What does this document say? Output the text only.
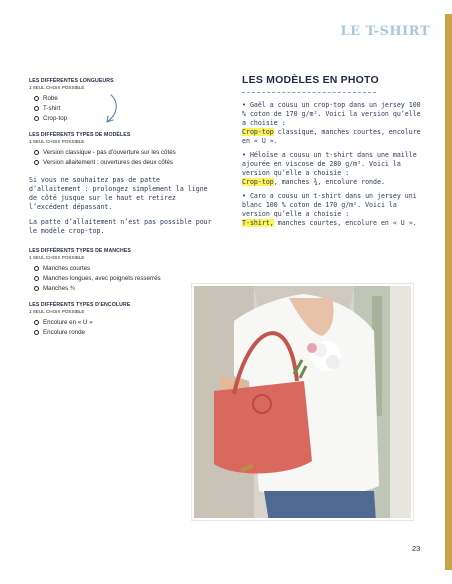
LE T-SHIRT
LES DIFFÉRENTES LONGUEURS
1 SEUL CHOIX POSSIBLE
Robe
T-shirt
Crop-top
LES DIFFÉRENTS TYPES DE MODÈLES
1 SEUL CHOIX POSSIBLE
Version classique - pas d’ouverture sur les côtés
Version allaitement : ouvertures des deux côtés
Si vous ne souhaitez pas de patte d’allaitement : prolongez simplement la ligne de côté jusque sur le haut et retirez l’excédent dépassant.
La patte d’allaitement n’est pas possible pour le modèle crop-top.
LES DIFFÉRENTS TYPES DE MANCHES
1 SEUL CHOIX POSSIBLE
Manches courtes
Manches longues, avec poignets resserrés
Manches ¾
LES DIFFÉRENTS TYPES D’ENCOLURE
1 SEUL CHOIX POSSIBLE
Encolure en « U »
Encolure ronde
LES MODÈLES EN PHOTO
• Gaël a cousu un crop-top dans un jersey 100 % coton de 170 g/m². Voici la version qu’elle a choisie :
Crop-top classique, manches courtes, encolure en « U ».
• Héloïse a cousu un t-shirt dans une maille ajourée en viscose de 280 g/m². Voici la version qu’elle a choisie :
Crop-top, manches ¾, encolure ronde.
• Caro a cousu un t-shirt dans un jersey uni blanc 100 % coton de 170 g/m². Voici la version qu’elle a choisie :
T-shirt, manches courtes, encolure en « U ».
23
